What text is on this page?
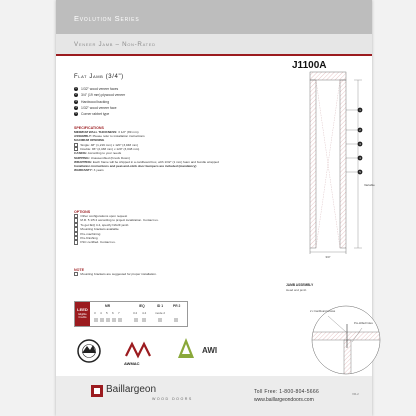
Evolution Series
Veneer Jamb – Non-Rated
J1100A
Flat Jamb (3/4")
1	1/32" wood veneer faces
2	3/4" (19 mm) plywood veneer
3	Hardwood backing
4	1/32" wood veneer face
5	Corner rabbet type
SPECIFICATIONS
MINIMUM WALL THICKNESS: 3 1/2" (89 mm)
ASSEMBLY: Please refer to installation instructions
MAXIMUM OPENING
Single: 48" (1,219 mm) x 120" (3,048 mm)
Double: 96" (2,438 mm) x 120" (3,048 mm)
CASING: According to your needs
SHIPPING: Unassembled (Knock Down)
WRAPPING: Each frame will be shipped in a cardboard box, with 1/32" (1 mm) foam and bundle wrapped
Installation instructions and peel-and-stick door bumpers are included (mandatory)
WARRANTY: 3 years
OPTIONS
Other configurations upon request
M.R. 5 1/5 2 according to project localization. Contact us.
To get IEQ 4.4, specify NAUF jamb
Mounting brackets available
Pre-machining
Pre-finishing
FSC certified. Contact us.
NOTE
Mounting brackets are suggested for proper installation.
LEED
Eligible Credits
MR	IEQ	ID 1	PR 2
3 4 5 6 7	3.2 4.4	mode 2
AWMAC
AWI
1
2
3
4
5
Variable
3/4"
JAMB ASSEMBLY
Head and jamb
2 x Cardboard screws
Pre-drilled holes
Baillargeon
WOOD DOORS
Toll Free: 1-800-804-5666
www.baillargeondoors.com
VR-2
